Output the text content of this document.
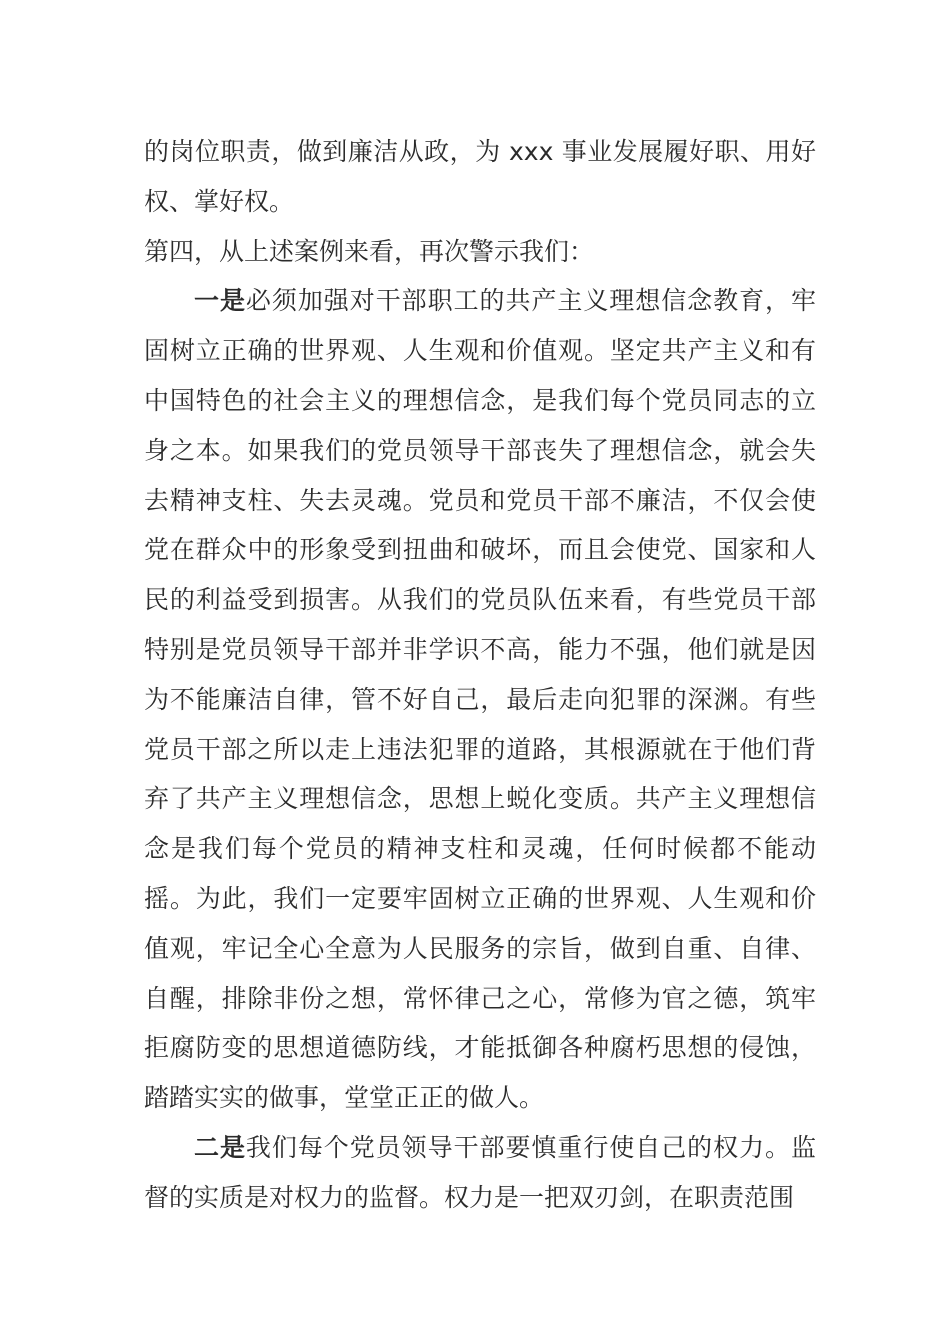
的岗位职责，做到廉洁从政，为 xxx 事业发展履好职、用好权、掌好权。

第四，从上述案例来看，再次警示我们：

一是必须加强对干部职工的共产主义理想信念教育，牢固树立正确的世界观、人生观和价值观。坚定共产主义和有中国特色的社会主义的理想信念，是我们每个党员同志的立身之本。如果我们的党员领导干部丧失了理想信念，就会失去精神支柱、失去灵魂。党员和党员干部不廉洁，不仅会使党在群众中的形象受到扭曲和破坏，而且会使党、国家和人民的利益受到损害。从我们的党员队伍来看，有些党员干部特别是党员领导干部并非学识不高，能力不强，他们就是因为不能廉洁自律，管不好自己，最后走向犯罪的深渊。有些党员干部之所以走上违法犯罪的道路，其根源就在于他们背弃了共产主义理想信念，思想上蜕化变质。共产主义理想信念是我们每个党员的精神支柱和灵魂，任何时候都不能动摇。为此，我们一定要牢固树立正确的世界观、人生观和价值观，牢记全心全意为人民服务的宗旨，做到自重、自律、自醒，排除非份之想，常怀律己之心，常修为官之德，筑牢拒腐防变的思想道德防线，才能抵御各种腐朽思想的侵蚀，踏踏实实的做事，堂堂正正的做人。

二是我们每个党员领导干部要慎重行使自己的权力。监督的实质是对权力的监督。权力是一把双刃剑，在职责范围
